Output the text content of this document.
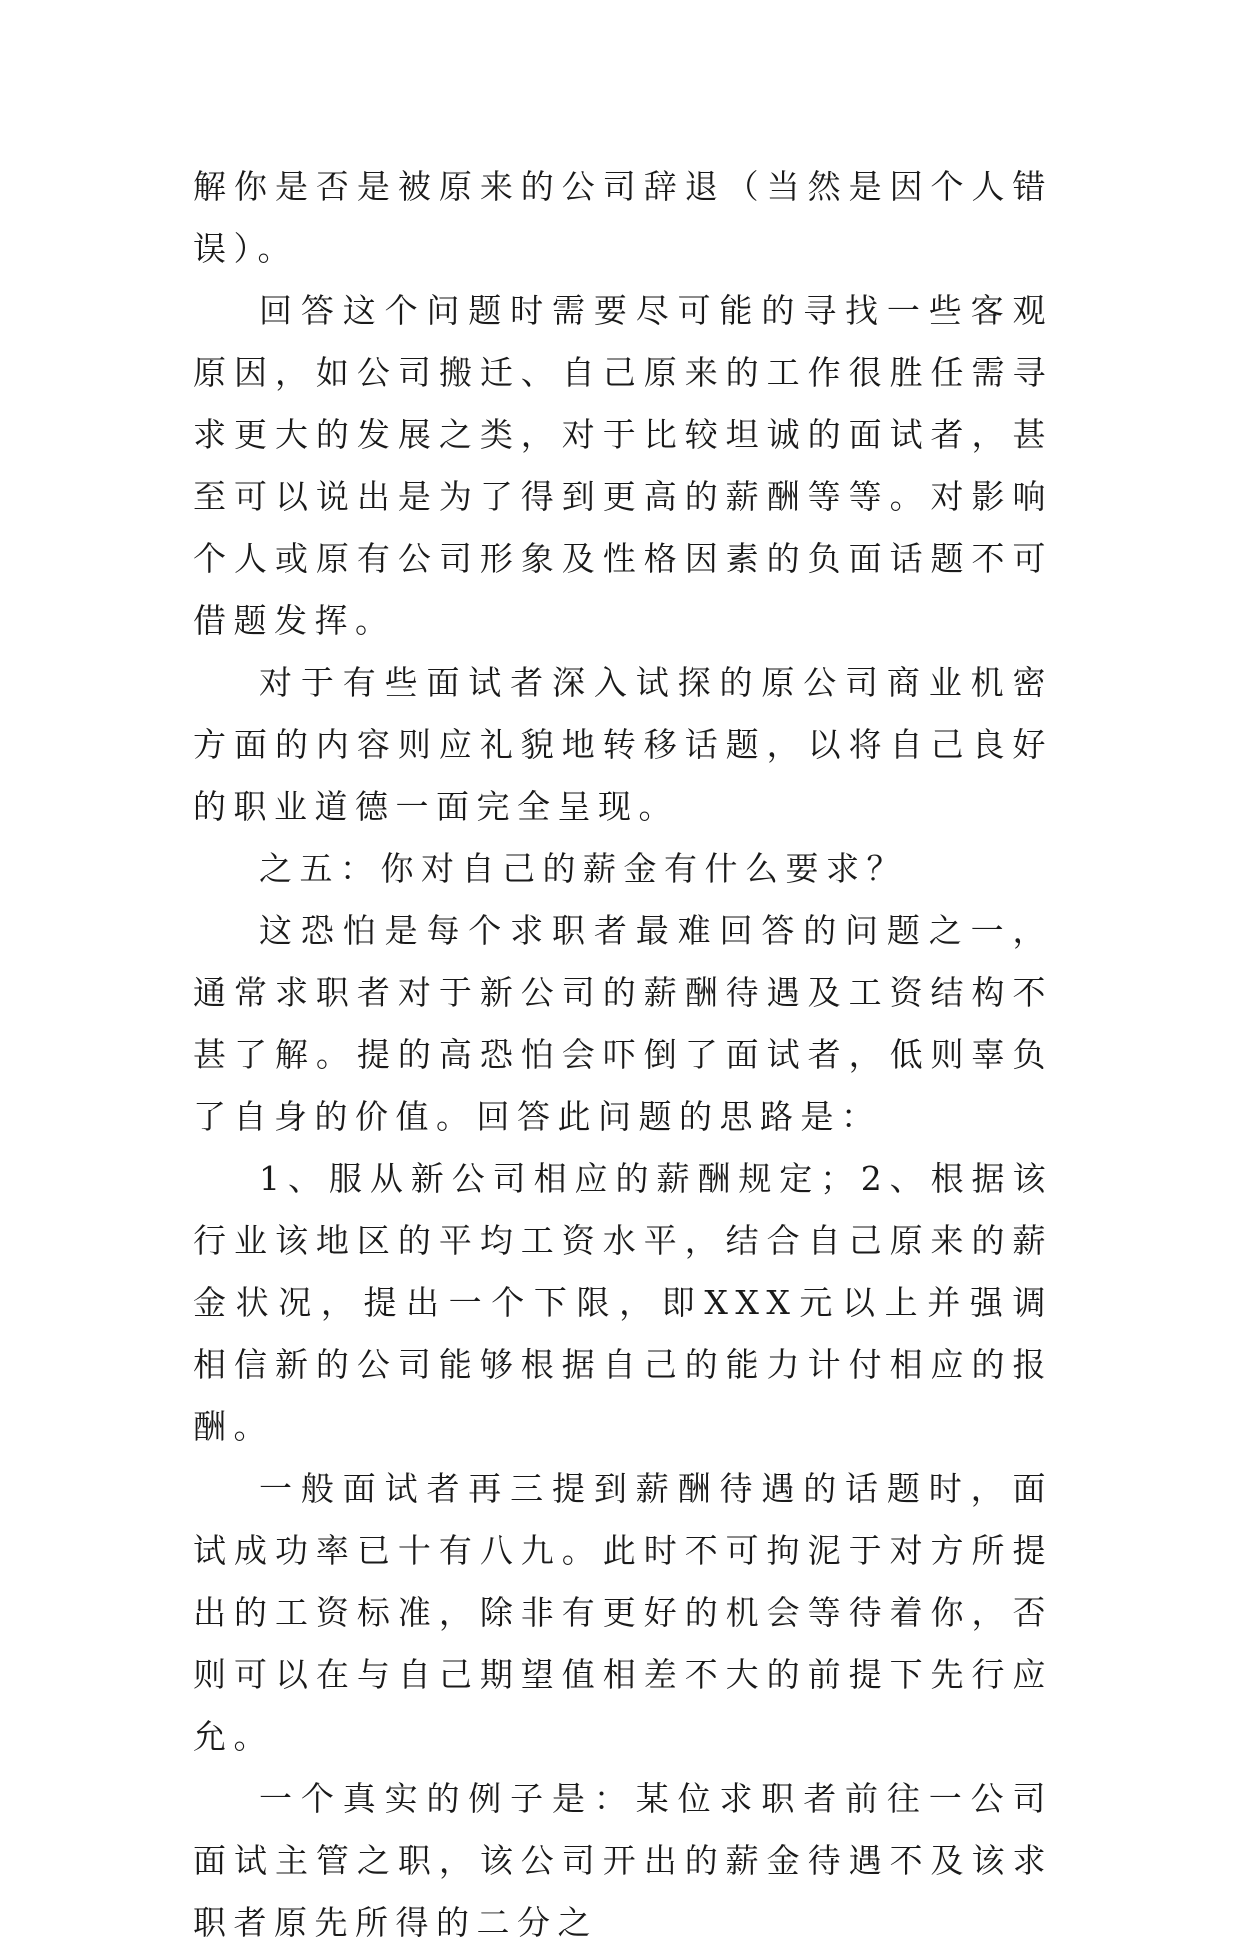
解你是否是被原来的公司辞退（当然是因个人错误）。

回答这个问题时需要尽可能的寻找一些客观原因，如公司搬迁、自己原来的工作很胜任需寻求更大的发展之类，对于比较坦诚的面试者，甚至可以说出是为了得到更高的薪酬等等。对影响个人或原有公司形象及性格因素的负面话题不可借题发挥。

对于有些面试者深入试探的原公司商业机密方面的内容则应礼貌地转移话题，以将自己良好的职业道德一面完全呈现。

之五：你对自己的薪金有什么要求？

这恐怕是每个求职者最难回答的问题之一，通常求职者对于新公司的薪酬待遇及工资结构不甚了解。提的高恐怕会吓倒了面试者，低则辜负了自身的价值。回答此问题的思路是：

1、服从新公司相应的薪酬规定；2、根据该行业该地区的平均工资水平，结合自己原来的薪金状况，提出一个下限，即XXX元以上并强调相信新的公司能够根据自己的能力计付相应的报酬。

一般面试者再三提到薪酬待遇的话题时，面试成功率已十有八九。此时不可拘泥于对方所提出的工资标准，除非有更好的机会等待着你，否则可以在与自己期望值相差不大的前提下先行应允。

一个真实的例子是：某位求职者前往一公司面试主管之职，该公司开出的薪金待遇不及该求职者原先所得的二分之
